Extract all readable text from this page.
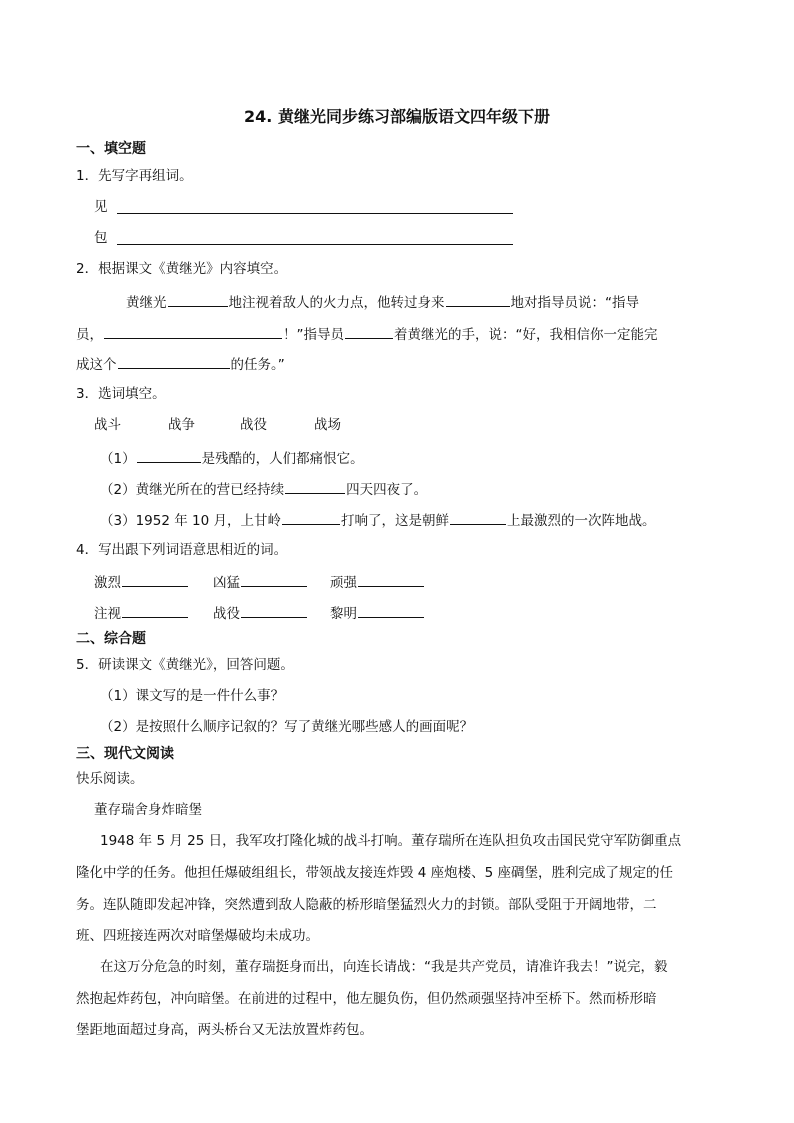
24. 黄继光同步练习部编版语文四年级下册
一、填空题
1．先写字再组词。
见
包
2．根据课文《黄继光》内容填空。
黄继光	地注视着敌人的火力点，他转过身来	地对指导员说：“指导
员，	！”指导员	着黄继光的手，说：“好，我相信你一定能完
成这个	的任务。”
3．选词填空。
战斗	战争	战役	战场
（1）	是残酷的，人们都痛恨它。
（2）黄继光所在的营已经持续	四天四夜了。
（3）1952 年 10 月，上甘岭	打响了，这是朝鲜	上最激烈的一次阵地战。
4．写出跟下列词语意思相近的词。
激烈	凶猛	顽强
注视	战役	黎明
二、综合题
5．研读课文《黄继光》，回答问题。
（1）课文写的是一件什么事？
（2）是按照什么顺序记叙的？写了黄继光哪些感人的画面呢？
三、现代文阅读
快乐阅读。
董存瑞舍身炸暗堡
1948 年 5 月 25 日，我军攻打隆化城的战斗打响。董存瑞所在连队担负攻击国民党守军防御重点
隆化中学的任务。他担任爆破组组长，带领战友接连炸毁 4 座炮楼、5 座碉堡，胜利完成了规定的任
务。连队随即发起冲锋，突然遭到敌人隐蔽的桥形暗堡猛烈火力的封锁。部队受阻于开阔地带，二
班、四班接连两次对暗堡爆破均未成功。
在这万分危急的时刻，董存瑞挺身而出，向连长请战：“我是共产党员，请准许我去！”说完，毅
然抱起炸药包，冲向暗堡。在前进的过程中，他左腿负伤，但仍然顽强坚持冲至桥下。然而桥形暗
堡距地面超过身高，两头桥台又无法放置炸药包。
